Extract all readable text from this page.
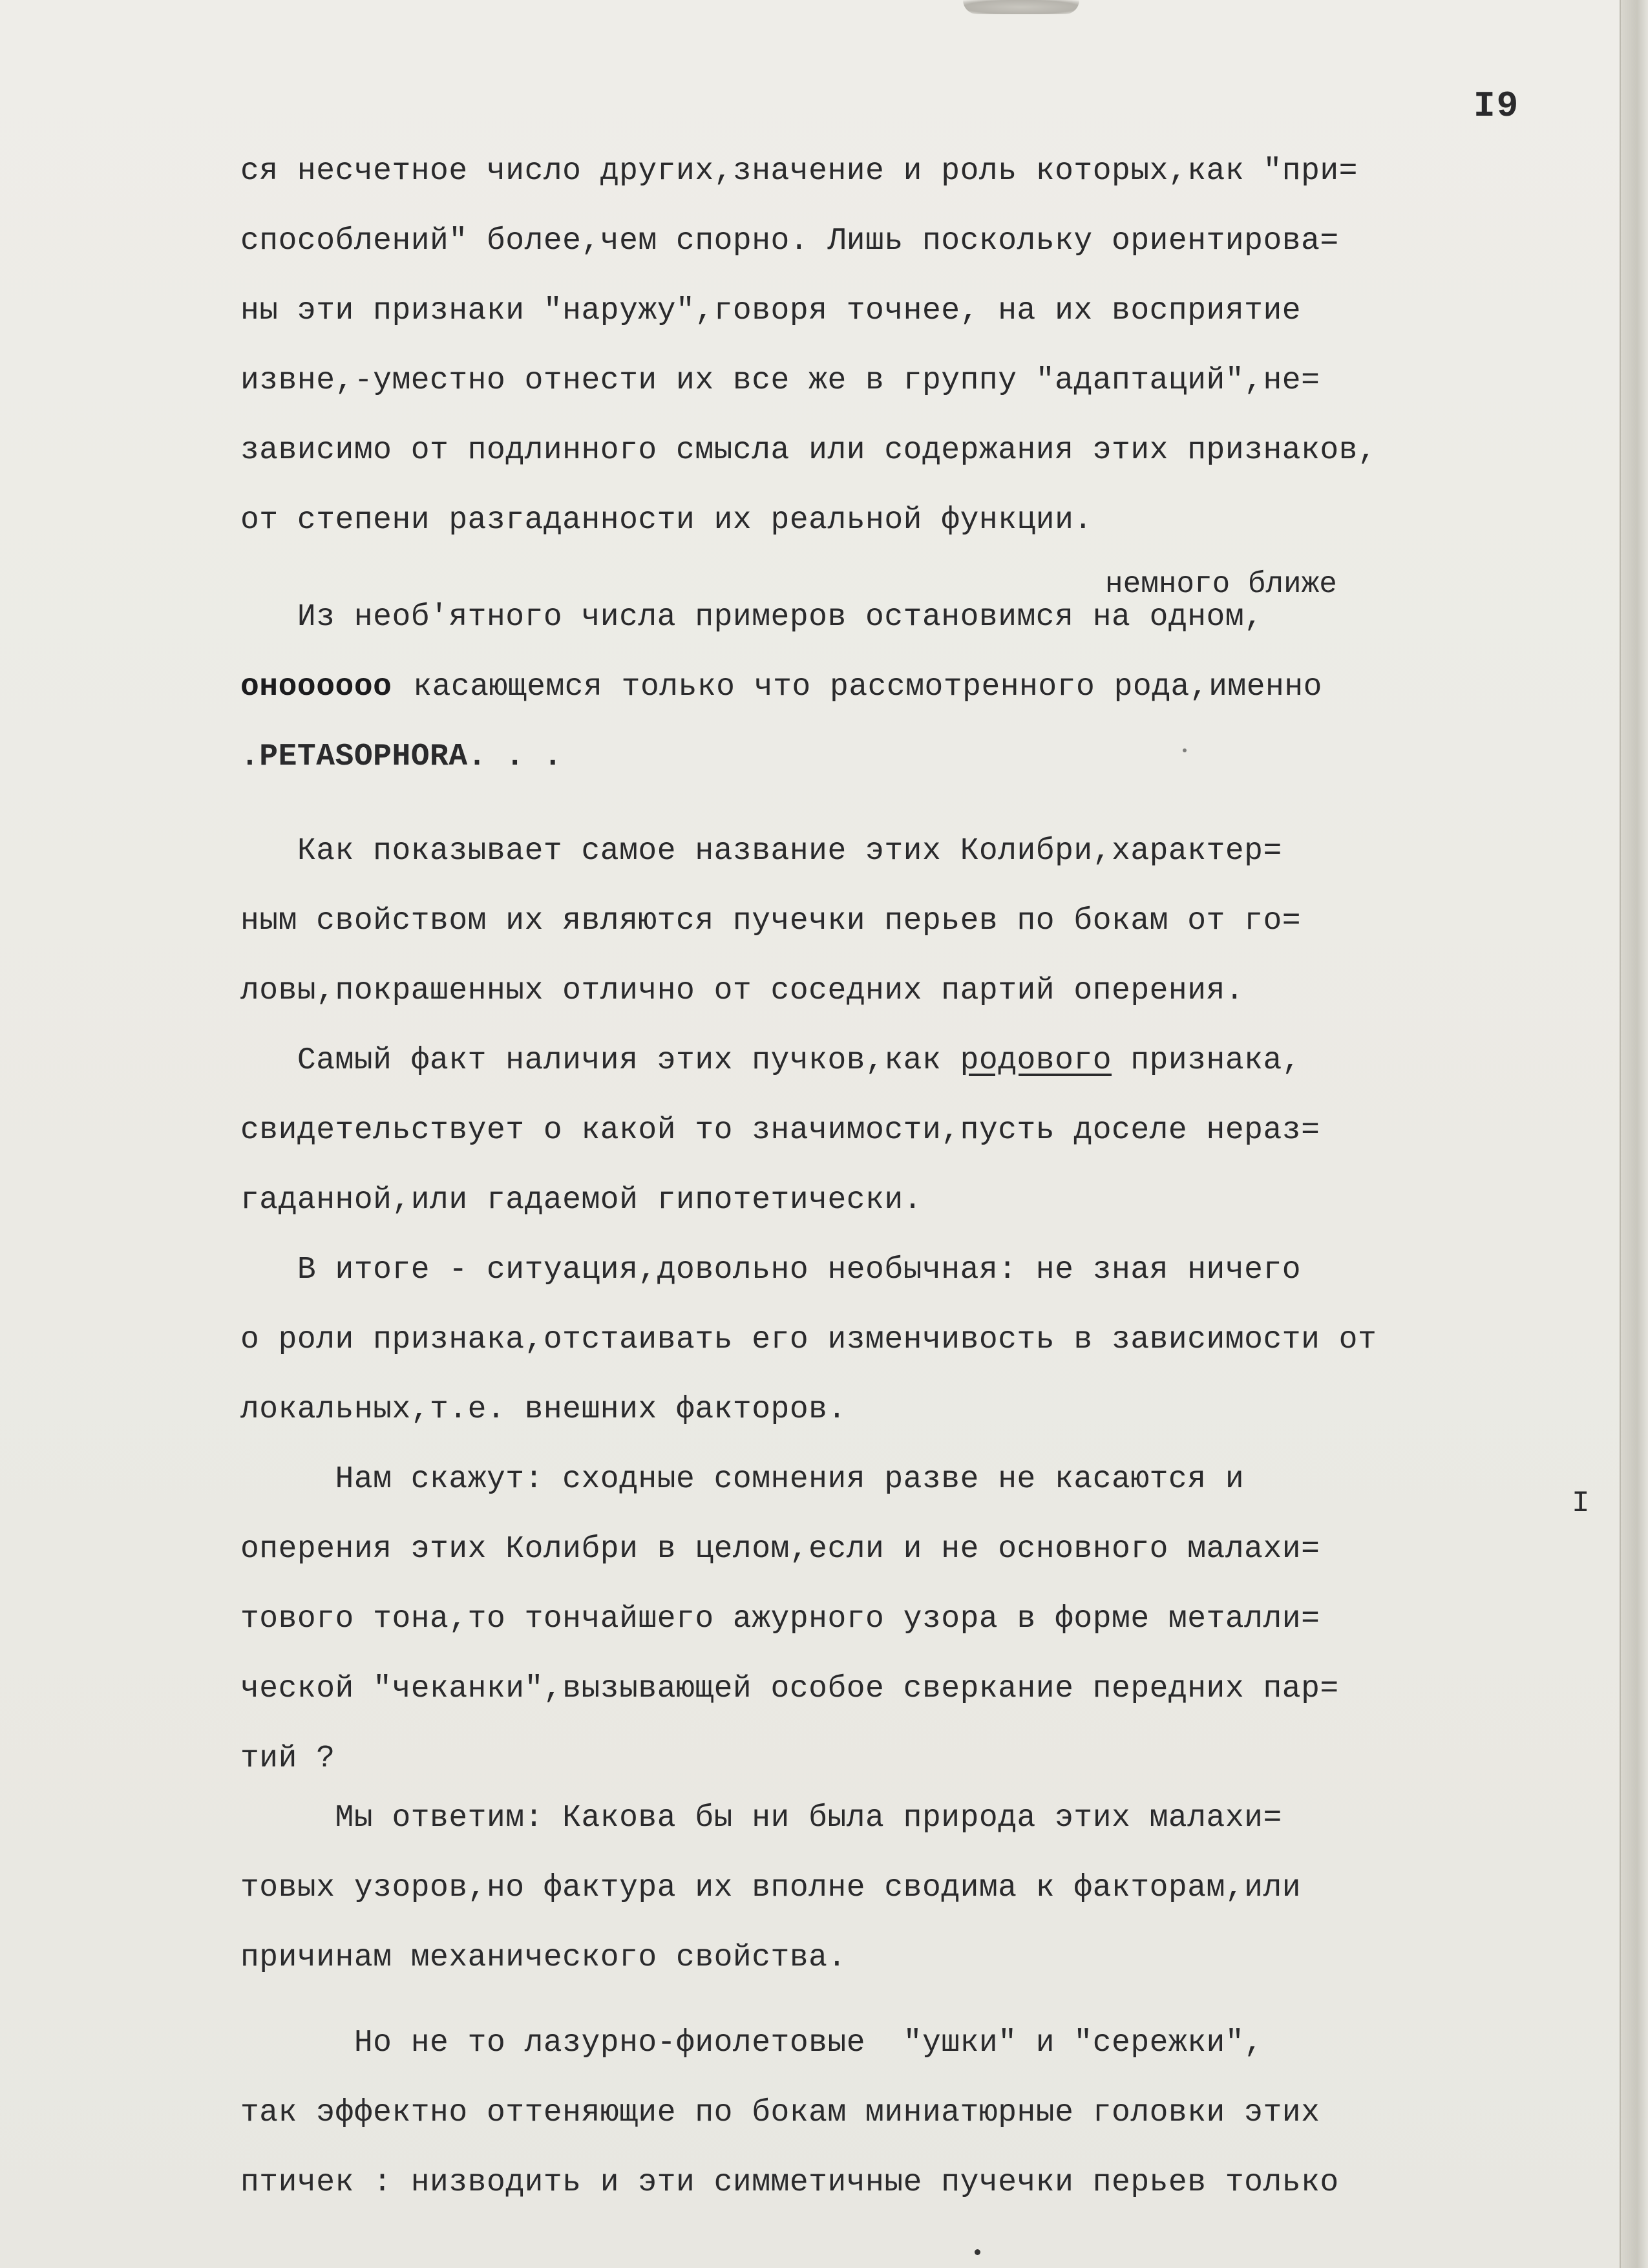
I9
ся несчетное число других,значение и роль которых,как "при=
способлений" более,чем спорно. Лишь поскольку ориентирова=
ны эти признаки "наружу",говоря точнее, на их восприятие
извне,-уместно отнести их все же в группу "адаптаций",не=
зависимо от подлинного смысла или содержания этих признаков,
от степени разгаданности их реальной функции.
немного ближе
Из необ'ятного числа примеров остановимся на одном,
оноооооо касающемся только что рассмотренного рода,именно
.PETASOPHORA. . .
Как показывает самое название этих Колибри,характер=
ным свойством их являются пучечки перьев по бокам от го=
ловы,покрашенных отлично от соседних партий оперения.
Самый факт наличия этих пучков,как родового признака,
свидетельствует о какой то значимости,пусть доселе нераз=
гаданной,или гадаемой гипотетически.
В итоге - ситуация,довольно необычная: не зная ничего
о роли признака,отстаивать его изменчивость в зависимости от
локальных,т.е. внешних факторов.
Нам скажут: сходные сомнения разве не касаются и
оперения этих Колибри в целом,если и не основного малахи=
тового тона,то тончайшего ажурного узора в форме металли=
ческой "чеканки",вызывающей особое сверкание передних пар=
тий ?
Мы ответим: Какова бы ни была природа этих малахи=
товых узоров,но фактура их вполне сводима к факторам,или
причинам механического свойства.
Но не то лазурно-фиолетовые  "ушки" и "сережки",
так эффектно оттеняющие по бокам миниатюрные головки этих
птичек : низводить и эти симметичные пучечки перьев только
I
